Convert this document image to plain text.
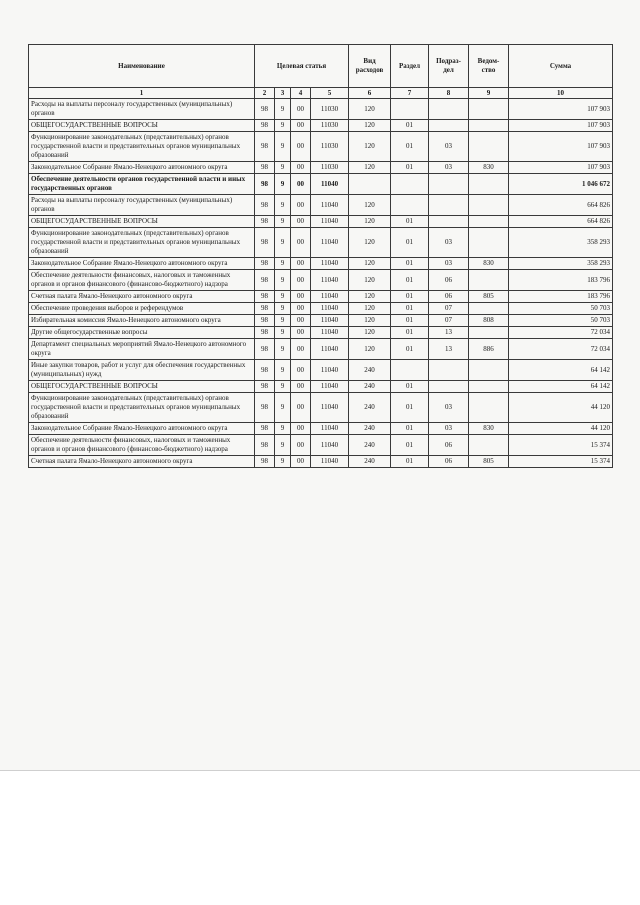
Наименование	Целевая статья				Вид расходов	Раздел	Подраз-дел	Ведом-ство	Сумма
1	2	3	4	5	6	7	8	9	10
Расходы на выплаты персоналу государственных (муниципальных) органов	98	9	00	11030	120				107 903
ОБЩЕГОСУДАРСТВЕННЫЕ ВОПРОСЫ	98	9	00	11030	120	01			107 903
Функционирование законодательных (представительных) органов государственной власти и представительных органов муниципальных образований	98	9	00	11030	120	01	03		107 903
Законодательное Собрание Ямало-Ненецкого автономного округа	98	9	00	11030	120	01	03	830	107 903
Обеспечение деятельности органов государственной власти и иных государственных органов	98	9	00	11040					1 046 672
Расходы на выплаты персоналу государственных (муниципальных) органов	98	9	00	11040	120				664 826
ОБЩЕГОСУДАРСТВЕННЫЕ ВОПРОСЫ	98	9	00	11040	120	01			664 826
Функционирование законодательных (представительных) органов государственной власти и представительных органов муниципальных образований	98	9	00	11040	120	01	03		358 293
Законодательное Собрание Ямало-Ненецкого автономного округа	98	9	00	11040	120	01	03	830	358 293
Обеспечение деятельности финансовых, налоговых и таможенных органов и органов финансового (финансово-бюджетного) надзора	98	9	00	11040	120	01	06		183 796
Счетная палата Ямало-Ненецкого автономного округа	98	9	00	11040	120	01	06	805	183 796
Обеспечение проведения выборов и референдумов	98	9	00	11040	120	01	07		50 703
Избирательная комиссия Ямало-Ненецкого автономного округа	98	9	00	11040	120	01	07	808	50 703
Другие общегосударственные вопросы	98	9	00	11040	120	01	13		72 034
Департамент специальных мероприятий Ямало-Ненецкого автономного округа	98	9	00	11040	120	01	13	886	72 034
Иные закупки товаров, работ и услуг для обеспечения государственных (муниципальных) нужд	98	9	00	11040	240				64 142
ОБЩЕГОСУДАРСТВЕННЫЕ ВОПРОСЫ	98	9	00	11040	240	01			64 142
Функционирование законодательных (представительных) органов государственной власти и представительных органов муниципальных образований	98	9	00	11040	240	01	03		44 120
Законодательное Собрание Ямало-Ненецкого автономного округа	98	9	00	11040	240	01	03	830	44 120
Обеспечение деятельности финансовых, налоговых и таможенных органов и органов финансового (финансово-бюджетного) надзора	98	9	00	11040	240	01	06		15 374
Счетная палата Ямало-Ненецкого автономного округа	98	9	00	11040	240	01	06	805	15 374
